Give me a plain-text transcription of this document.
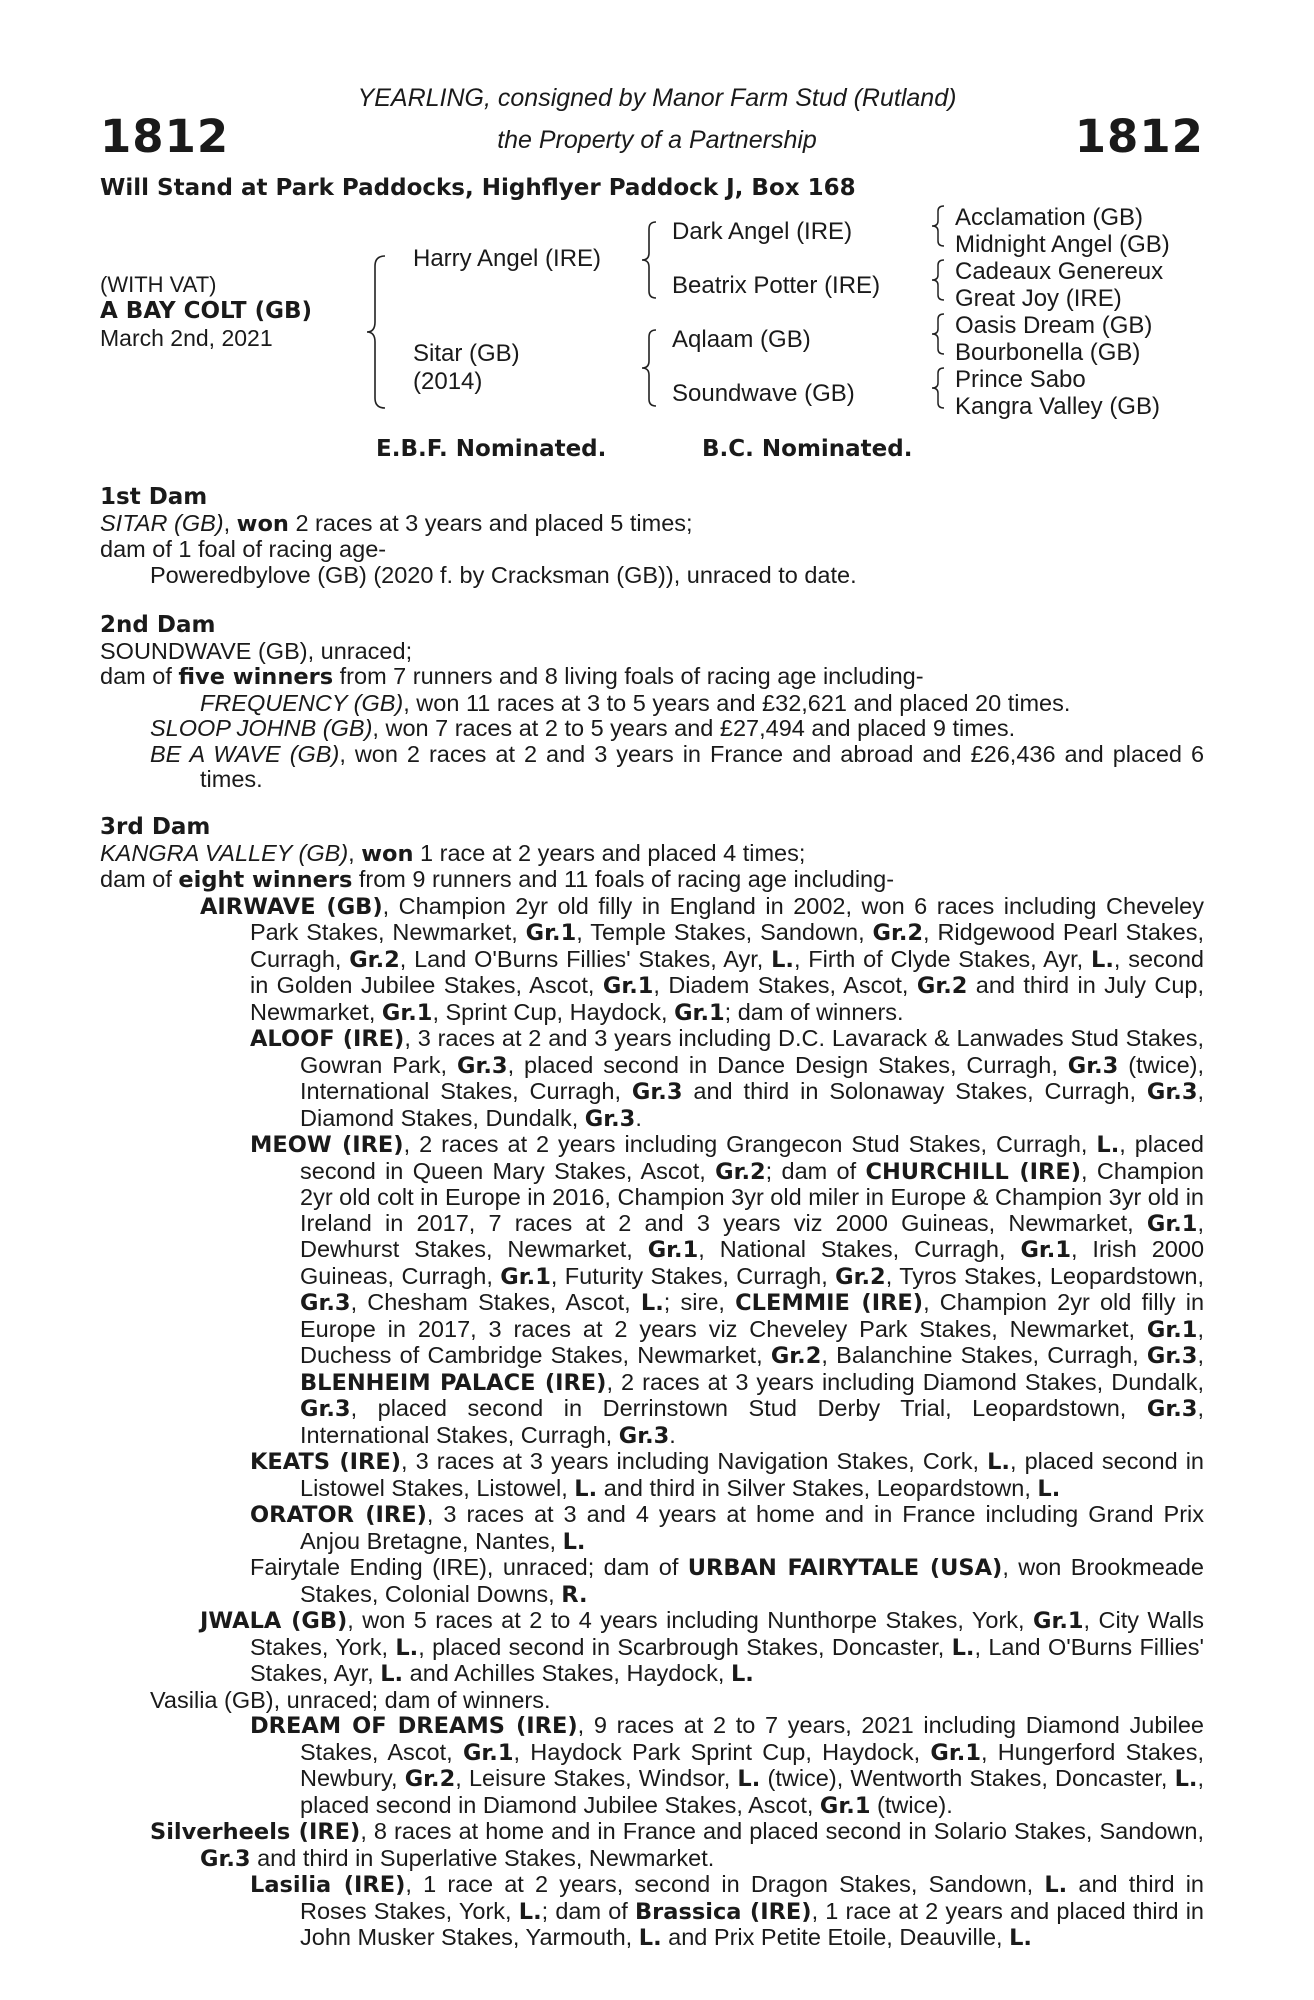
1812	1812
YEARLING, consigned by Manor Farm Stud (Rutland)
the Property of a Partnership
Will Stand at Park Paddocks, Highflyer Paddock J, Box 168
(WITH VAT)
A BAY COLT (GB)
March 2nd, 2021
Harry Angel (IRE)
Sitar (GB)
(2014)
Dark Angel (IRE)
Beatrix Potter (IRE)
Aqlaam (GB)
Soundwave (GB)
Acclamation (GB)
Midnight Angel (GB)
Cadeaux Genereux
Great Joy (IRE)
Oasis Dream (GB)
Bourbonella (GB)
Prince Sabo
Kangra Valley (GB)
E.B.F. Nominated.	B.C. Nominated.
1st Dam
SITAR (GB), won 2 races at 3 years and placed 5 times;
dam of 1 foal of racing age-
Poweredbylove (GB) (2020 f. by Cracksman (GB)), unraced to date.
2nd Dam
SOUNDWAVE (GB), unraced;
dam of five winners from 7 runners and 8 living foals of racing age including-
FREQUENCY (GB), won 11 races at 3 to 5 years and £32,621 and placed 20 times.
SLOOP JOHNB (GB), won 7 races at 2 to 5 years and £27,494 and placed 9 times.
BE A WAVE (GB), won 2 races at 2 and 3 years in France and abroad and £26,436 and placed 6 times.
3rd Dam
KANGRA VALLEY (GB), won 1 race at 2 years and placed 4 times;
dam of eight winners from 9 runners and 11 foals of racing age including-
AIRWAVE (GB), Champion 2yr old filly in England in 2002, won 6 races including Cheveley Park Stakes, Newmarket, Gr.1, Temple Stakes, Sandown, Gr.2, Ridgewood Pearl Stakes, Curragh, Gr.2, Land O'Burns Fillies' Stakes, Ayr, L., Firth of Clyde Stakes, Ayr, L., second in Golden Jubilee Stakes, Ascot, Gr.1, Diadem Stakes, Ascot, Gr.2 and third in July Cup, Newmarket, Gr.1, Sprint Cup, Haydock, Gr.1; dam of winners.
ALOOF (IRE), 3 races at 2 and 3 years including D.C. Lavarack & Lanwades Stud Stakes, Gowran Park, Gr.3, placed second in Dance Design Stakes, Curragh, Gr.3 (twice), International Stakes, Curragh, Gr.3 and third in Solonaway Stakes, Curragh, Gr.3, Diamond Stakes, Dundalk, Gr.3.
MEOW (IRE), 2 races at 2 years including Grangecon Stud Stakes, Curragh, L., placed second in Queen Mary Stakes, Ascot, Gr.2; dam of CHURCHILL (IRE), Champion 2yr old colt in Europe in 2016, Champion 3yr old miler in Europe & Champion 3yr old in Ireland in 2017, 7 races at 2 and 3 years viz 2000 Guineas, Newmarket, Gr.1, Dewhurst Stakes, Newmarket, Gr.1, National Stakes, Curragh, Gr.1, Irish 2000 Guineas, Curragh, Gr.1, Futurity Stakes, Curragh, Gr.2, Tyros Stakes, Leopardstown, Gr.3, Chesham Stakes, Ascot, L.; sire, CLEMMIE (IRE), Champion 2yr old filly in Europe in 2017, 3 races at 2 years viz Cheveley Park Stakes, Newmarket, Gr.1, Duchess of Cambridge Stakes, Newmarket, Gr.2, Balanchine Stakes, Curragh, Gr.3, BLENHEIM PALACE (IRE), 2 races at 3 years including Diamond Stakes, Dundalk, Gr.3, placed second in Derrinstown Stud Derby Trial, Leopardstown, Gr.3, International Stakes, Curragh, Gr.3.
KEATS (IRE), 3 races at 3 years including Navigation Stakes, Cork, L., placed second in Listowel Stakes, Listowel, L. and third in Silver Stakes, Leopardstown, L.
ORATOR (IRE), 3 races at 3 and 4 years at home and in France including Grand Prix Anjou Bretagne, Nantes, L.
Fairytale Ending (IRE), unraced; dam of URBAN FAIRYTALE (USA), won Brookmeade Stakes, Colonial Downs, R.
JWALA (GB), won 5 races at 2 to 4 years including Nunthorpe Stakes, York, Gr.1, City Walls Stakes, York, L., placed second in Scarbrough Stakes, Doncaster, L., Land O'Burns Fillies' Stakes, Ayr, L. and Achilles Stakes, Haydock, L.
Vasilia (GB), unraced; dam of winners.
DREAM OF DREAMS (IRE), 9 races at 2 to 7 years, 2021 including Diamond Jubilee Stakes, Ascot, Gr.1, Haydock Park Sprint Cup, Haydock, Gr.1, Hungerford Stakes, Newbury, Gr.2, Leisure Stakes, Windsor, L. (twice), Wentworth Stakes, Doncaster, L., placed second in Diamond Jubilee Stakes, Ascot, Gr.1 (twice).
Silverheels (IRE), 8 races at home and in France and placed second in Solario Stakes, Sandown, Gr.3 and third in Superlative Stakes, Newmarket.
Lasilia (IRE), 1 race at 2 years, second in Dragon Stakes, Sandown, L. and third in Roses Stakes, York, L.; dam of Brassica (IRE), 1 race at 2 years and placed third in John Musker Stakes, Yarmouth, L. and Prix Petite Etoile, Deauville, L.
